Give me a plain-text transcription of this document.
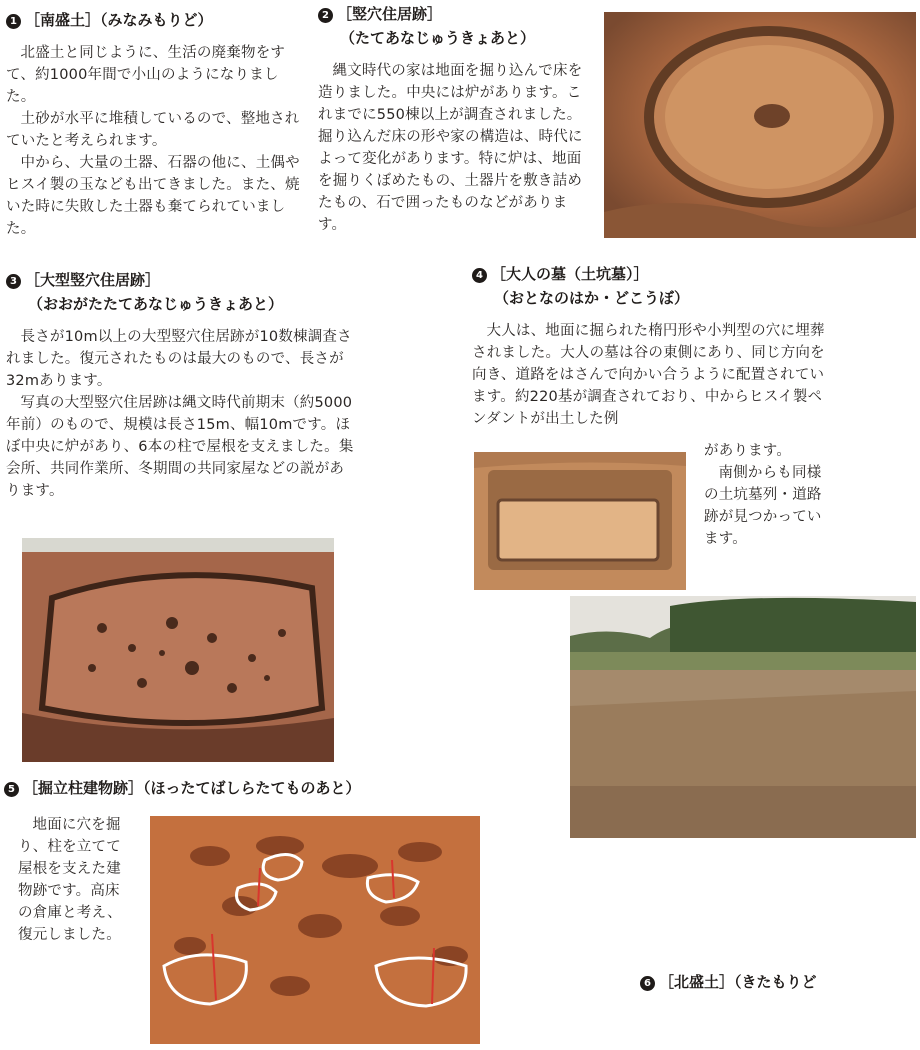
1 ［南盛土］（みなみもりど）

北盛土と同じように、生活の廃棄物をすて、約1000年間で小山のようになりました。

土砂が水平に堆積しているので、整地されていたと考えられます。

中から、大量の土器、石器の他に、土偶やヒスイ製の玉なども出てきました。また、焼いた時に失敗した土器も棄てられていました。

2 ［竪穴住居跡］
（たてあなじゅうきょあと）

縄文時代の家は地面を掘り込んで床を造りました。中央には炉があります。これまでに550棟以上が調査されました。掘り込んだ床の形や家の構造は、時代によって変化があります。特に炉は、地面を掘りくぼめたもの、土器片を敷き詰めたもの、石で囲ったものなどがあります。

3 ［大型竪穴住居跡］
（おおがたたてあなじゅうきょあと）

長さが10m以上の大型竪穴住居跡が10数棟調査されました。復元されたものは最大のもので、長さが32mあります。

写真の大型竪穴住居跡は縄文時代前期末（約5000年前）のもので、規模は長さ15m、幅10mです。ほぼ中央に炉があり、6本の柱で屋根を支えました。集会所、共同作業所、冬期間の共同家屋などの説があります。

4 ［大人の墓（土坑墓）］
（おとなのはか・どこうぼ）

大人は、地面に掘られた楕円形や小判型の穴に埋葬されました。大人の墓は谷の東側にあり、同じ方向を向き、道路をはさんで向かい合うように配置されています。約220基が調査されており、中からヒスイ製ペンダントが出土した例

があります。

南側からも同様の土坑墓列・道路跡が見つかっています。

5 ［掘立柱建物跡］（ほったてばしらたてものあと）

地面に穴を掘り、柱を立てて屋根を支えた建物跡です。高床の倉庫と考え、復元しました。

6 ［北盛土］（きたもりど
